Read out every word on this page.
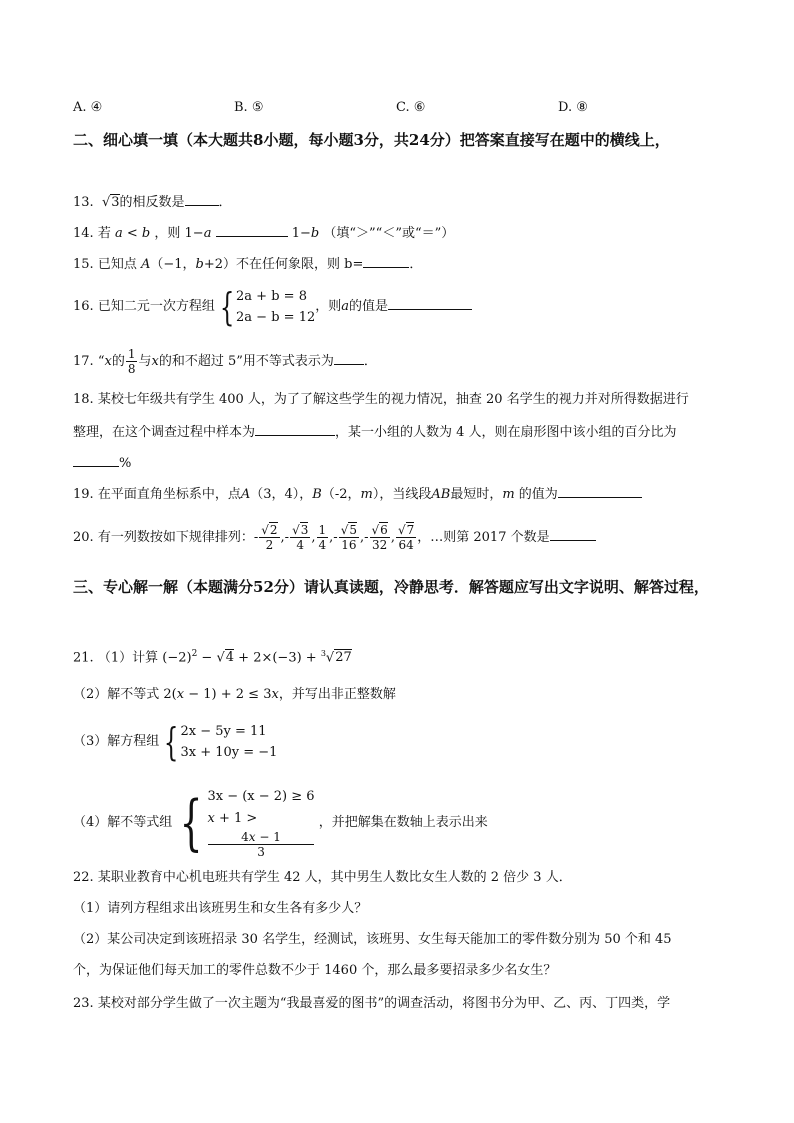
A. ④	B. ⑤	C. ⑥	D. ⑧
二、细心填一填（本大题共8小题，每小题3分，共24分）把答案直接写在题中的横线上，
13.  √3的相反数是	．
14. 若 a < b ，则 1−a	1−b （填“＞”“＜”或“＝”）
15. 已知点 A（−1，b+2）不在任何象限，则 b=	．
16. 已知二元一次方程组 { 2a + b = 8
2a − b = 12
，则a的值是
17. “x的 $\frac{1}{8}$ 与x的和不超过 5”用不等式表示为 ．
18. 某校七年级共有学生 400 人，为了了解这些学生的视力情况，抽查 20 名学生的视力并对所得数据进行
整理，在这个调查过程中样本为	，某一小组的人数为 4 人，则在扇形图中该小组的百分比为
%
19. 在平面直角坐标系中，点A（3，4），B（-2，m），当线段AB最短时，m 的值为
20. 有一列数按如下规律排列：- $\frac{√2}{2}$ ,- $\frac{√3}{4}$ , $\frac{1}{4}$ ,- $\frac{√5}{16}$ ,- $\frac{√6}{32}$ , $\frac{√7}{64}$ ，…则第 2017 个数是
三、专心解一解（本题满分52分）请认真读题，冷静思考．解答题应写出文字说明、解答过程，
21. （1）计算 $(-2)^2 - √4 + 2\times(-3) + ^3√27$
（2）解不等式 2(x − 1) + 2 ≤ 3x，并写出非正整数解
（3）解方程组 { 2x − 5y = 11
3x + 10y = −1
（4）解不等式组 { 3x − (x − 2) ≥ 6
x + 1 >
4x − 1
3
，并把解集在数轴上表示出来
22. 某职业教育中心机电班共有学生 42 人，其中男生人数比女生人数的 2 倍少 3 人．
（1）请列方程组求出该班男生和女生各有多少人？
（2）某公司决定到该班招录 30 名学生，经测试，该班男、女生每天能加工的零件数分别为 50 个和 45
个，为保证他们每天加工的零件总数不少于 1460 个，那么最多要招录多少名女生？
23. 某校对部分学生做了一次主题为“我最喜爱的图书”的调查活动，将图书分为甲、乙、丙、丁四类，学
